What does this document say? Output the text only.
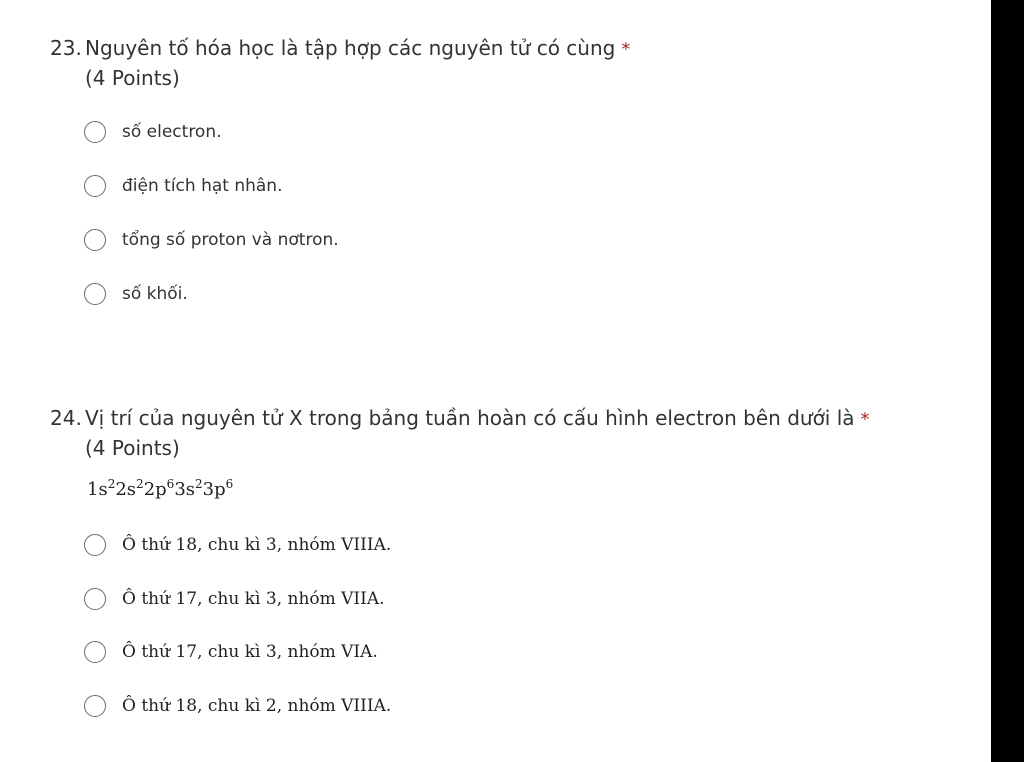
23. Nguyên tố hóa học là tập hợp các nguyên tử có cùng *
(4 Points)
số electron.
điện tích hạt nhân.
tổng số proton và nơtron.
số khối.
24. Vị trí của nguyên tử X trong bảng tuần hoàn có cấu hình electron bên dưới là *
(4 Points)
$1s^22s^22p^63s^23p^6$
Ô thứ 18, chu kì 3, nhóm VIIIA.
Ô thứ 17, chu kì 3, nhóm VIIA.
Ô thứ 17, chu kì 3, nhóm VIA.
Ô thứ 18, chu kì 2, nhóm VIIIA.
